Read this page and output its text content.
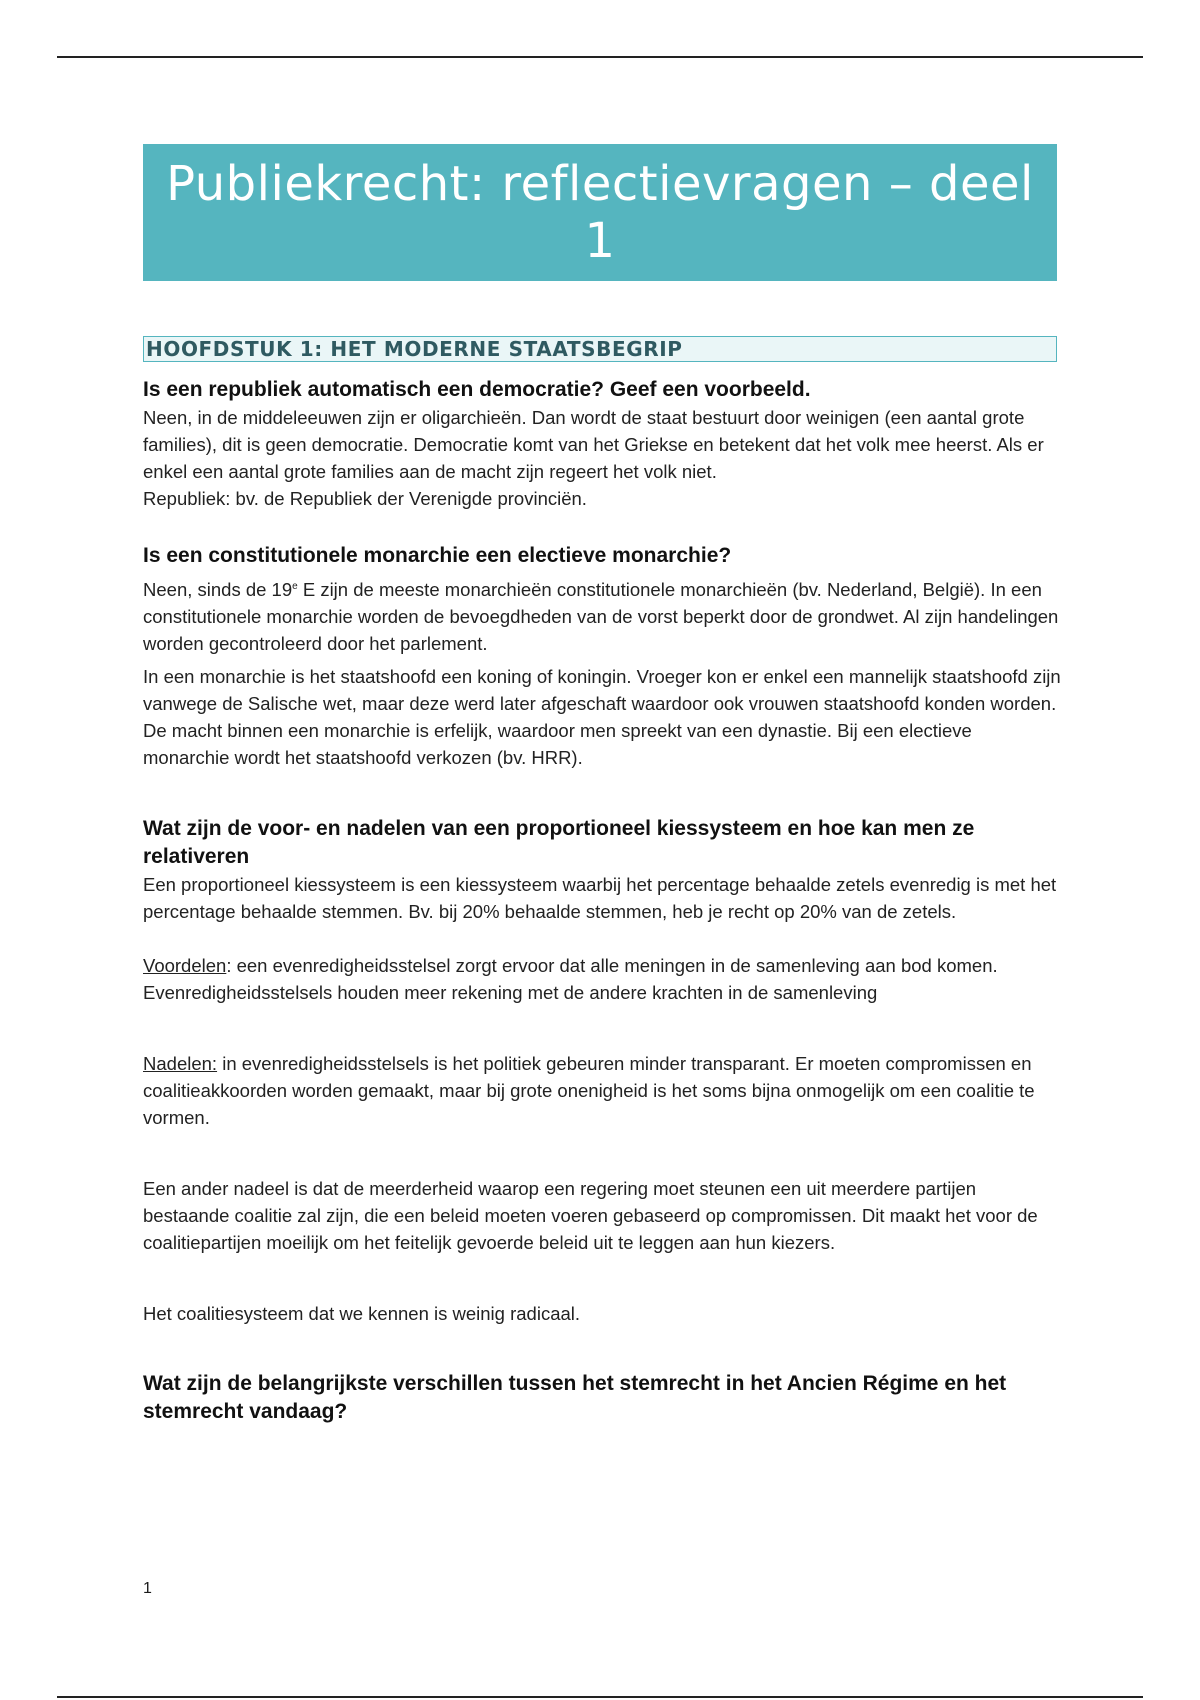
Publiekrecht: reflectievragen – deel 1
HOOFDSTUK 1: HET MODERNE STAATSBEGRIP

Is een republiek automatisch een democratie? Geef een voorbeeld.

Neen, in de middeleeuwen zijn er oligarchieën. Dan wordt de staat bestuurt door weinigen (een aantal grote families), dit is geen democratie. Democratie komt van het Griekse en betekent dat het volk mee heerst. Als er enkel een aantal grote families aan de macht zijn regeert het volk niet.

Republiek: bv. de Republiek der Verenigde provinciën.

Is een constitutionele monarchie een electieve monarchie?

Neen, sinds de 19e E zijn de meeste monarchieën constitutionele monarchieën (bv. Nederland, België). In een constitutionele monarchie worden de bevoegdheden van de vorst beperkt door de grondwet. Al zijn handelingen worden gecontroleerd door het parlement.

In een monarchie is het staatshoofd een koning of koningin. Vroeger kon er enkel een mannelijk staatshoofd zijn vanwege de Salische wet, maar deze werd later afgeschaft waardoor ook vrouwen staatshoofd konden worden. De macht binnen een monarchie is erfelijk, waardoor men spreekt van een dynastie. Bij een electieve monarchie wordt het staatshoofd verkozen (bv. HRR).

Wat zijn de voor- en nadelen van een proportioneel kiessysteem en hoe kan men ze relativeren

Een proportioneel kiessysteem is een kiessysteem waarbij het percentage behaalde zetels evenredig is met het percentage behaalde stemmen. Bv. bij 20% behaalde stemmen, heb je recht op 20% van de zetels.

Voordelen: een evenredigheidsstelsel zorgt ervoor dat alle meningen in de samenleving aan bod komen. Evenredigheidsstelsels houden meer rekening met de andere krachten in de samenleving

Nadelen: in evenredigheidsstelsels is het politiek gebeuren minder transparant. Er moeten compromissen en coalitieakkoorden worden gemaakt, maar bij grote onenigheid is het soms bijna onmogelijk om een coalitie te vormen.

Een ander nadeel is dat de meerderheid waarop een regering moet steunen een uit meerdere partijen bestaande coalitie zal zijn, die een beleid moeten voeren gebaseerd op compromissen. Dit maakt het voor de coalitiepartijen moeilijk om het feitelijk gevoerde beleid uit te leggen aan hun kiezers.

Het coalitiesysteem dat we kennen is weinig radicaal.

Wat zijn de belangrijkste verschillen tussen het stemrecht in het Ancien Régime en het stemrecht vandaag?

1
